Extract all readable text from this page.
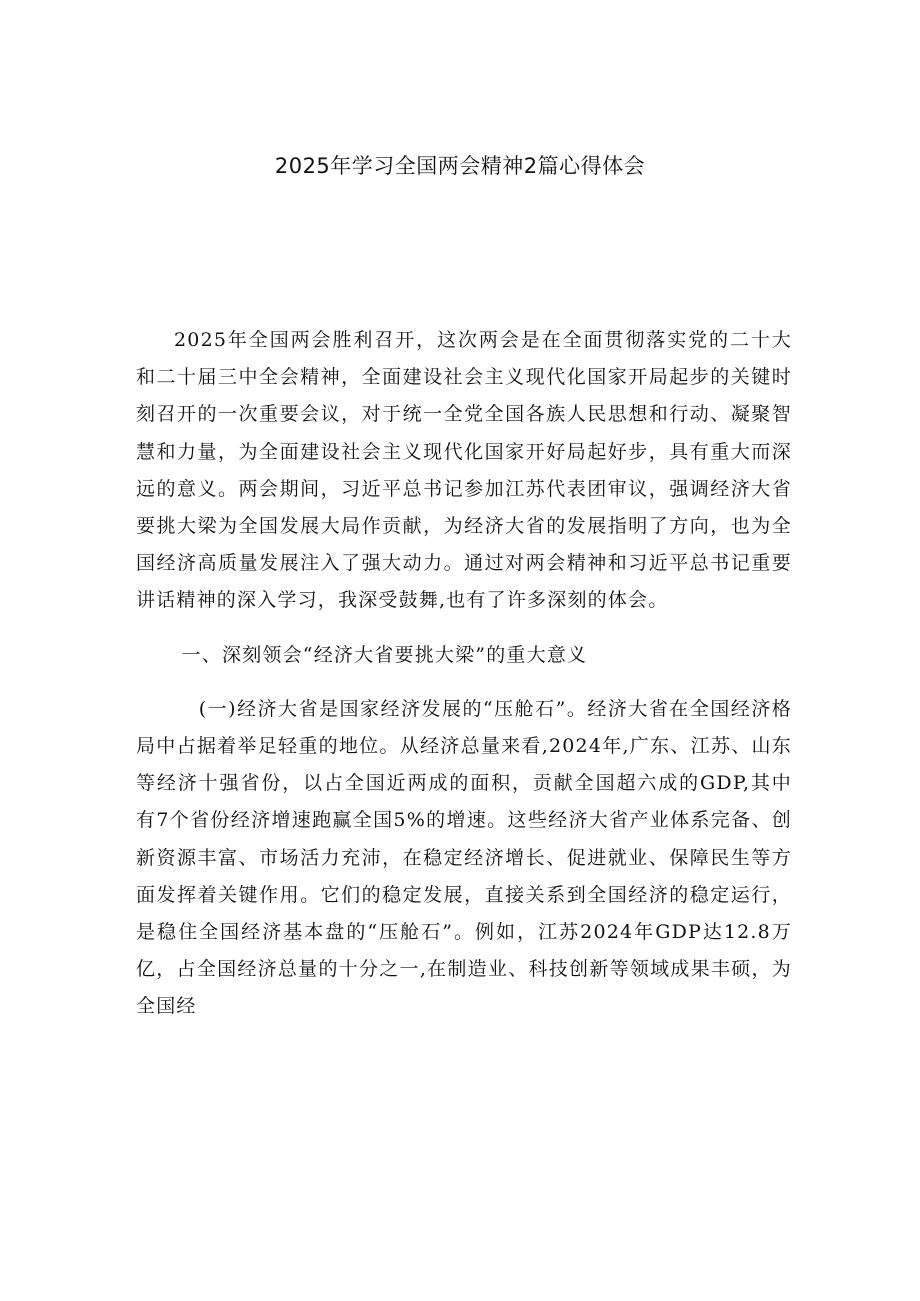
2025年学习全国两会精神2篇心得体会

2025年全国两会胜利召开，这次两会是在全面贯彻落实党的二十大和二十届三中全会精神，全面建设社会主义现代化国家开局起步的关键时刻召开的一次重要会议，对于统一全党全国各族人民思想和行动、凝聚智慧和力量，为全面建设社会主义现代化国家开好局起好步，具有重大而深远的意义。两会期间，习近平总书记参加江苏代表团审议，强调经济大省要挑大梁为全国发展大局作贡献，为经济大省的发展指明了方向，也为全国经济高质量发展注入了强大动力。通过对两会精神和习近平总书记重要讲话精神的深入学习，我深受鼓舞,也有了许多深刻的体会。

一、深刻领会“经济大省要挑大梁”的重大意义

(一)经济大省是国家经济发展的“压舱石”。经济大省在全国经济格局中占据着举足轻重的地位。从经济总量来看,2024年,广东、江苏、山东等经济十强省份，以占全国近两成的面积，贡献全国超六成的GDP,其中有7个省份经济增速跑赢全国5%的增速。这些经济大省产业体系完备、创新资源丰富、市场活力充沛，在稳定经济增长、促进就业、保障民生等方面发挥着关键作用。它们的稳定发展，直接关系到全国经济的稳定运行，是稳住全国经济基本盘的“压舱石”。例如，江苏2024年GDP达12.8万亿，占全国经济总量的十分之一,在制造业、科技创新等领域成果丰硕，为全国经
